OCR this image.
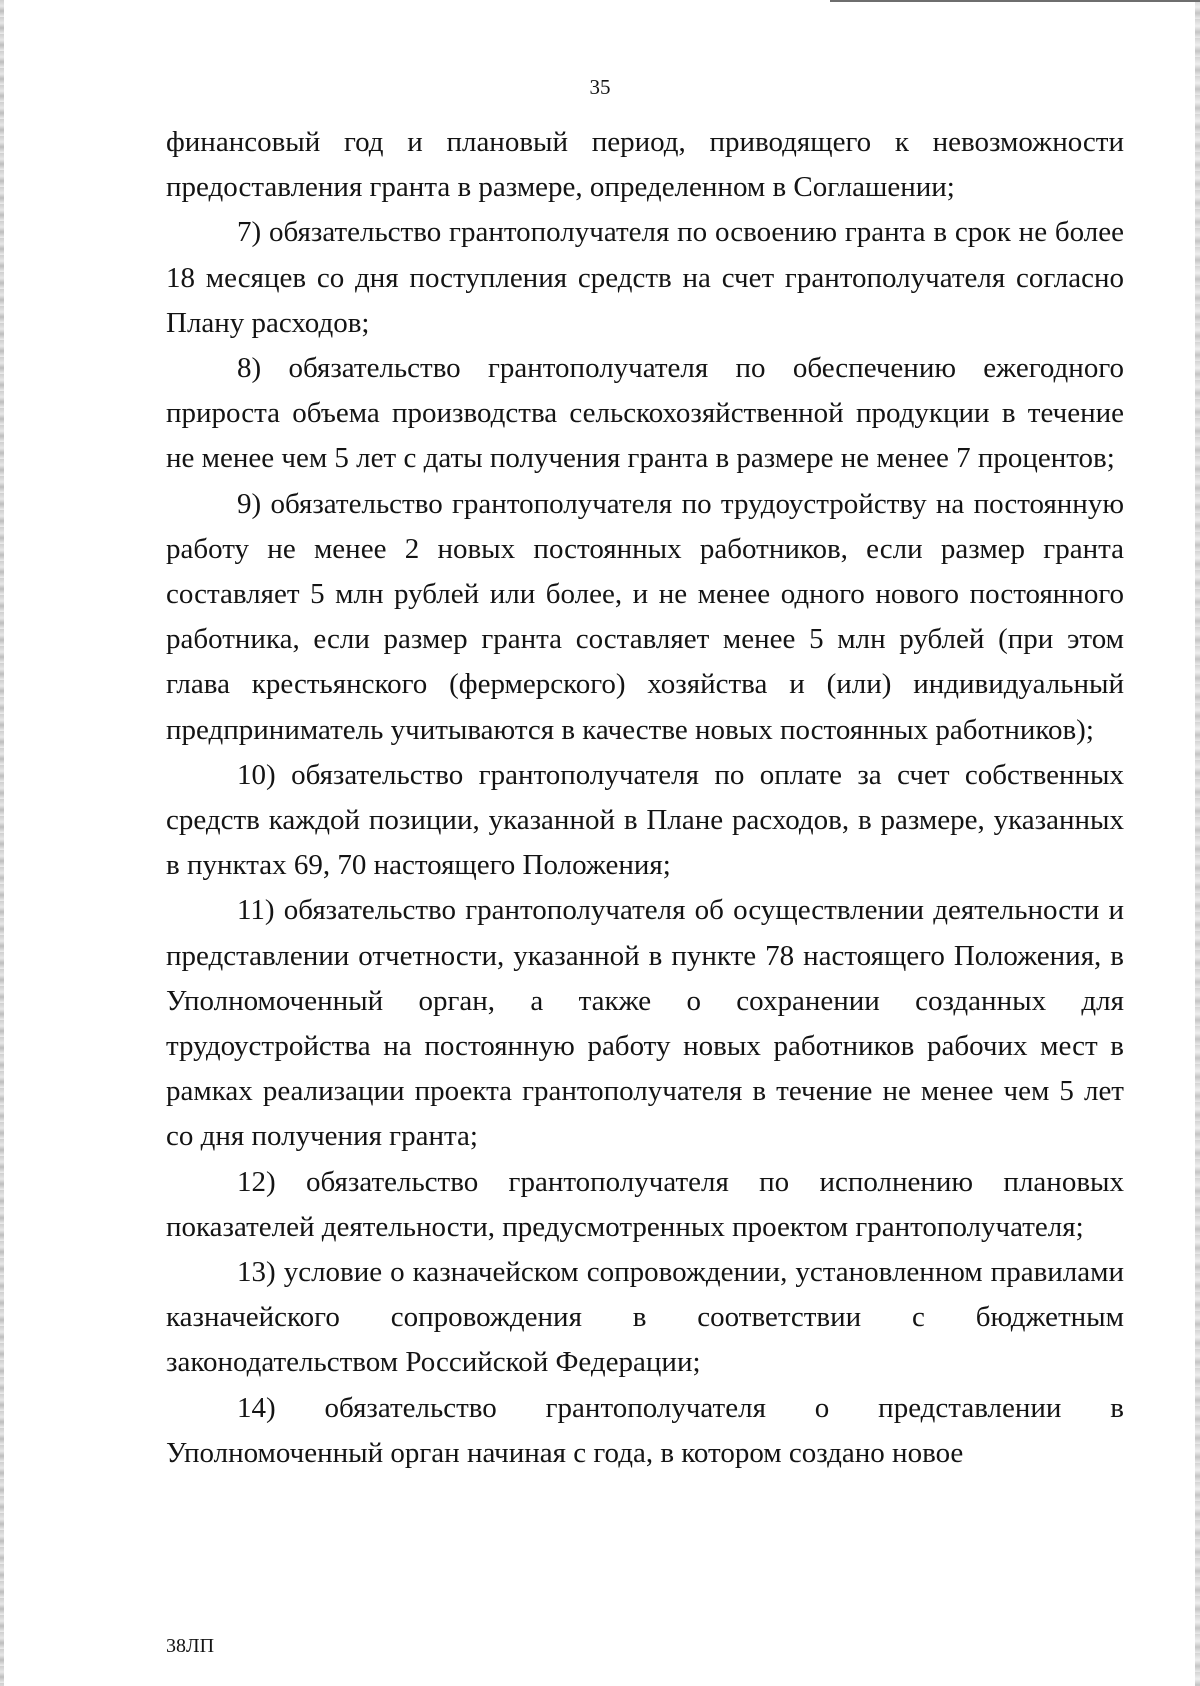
35

финансовый год и плановый период, приводящего к невозможности предоставления гранта в размере, определенном в Соглашении;

7) обязательство грантополучателя по освоению гранта в срок не более 18 месяцев со дня поступления средств на счет грантополучателя согласно Плану расходов;

8) обязательство грантополучателя по обеспечению ежегодного прироста объема производства сельскохозяйственной продукции в течение не менее чем 5 лет с даты получения гранта в размере не менее 7 процентов;

9) обязательство грантополучателя по трудоустройству на постоянную работу не менее 2 новых постоянных работников, если размер гранта составляет 5 млн рублей или более, и не менее одного нового постоянного работника, если размер гранта составляет менее 5 млн рублей (при этом глава крестьянского (фермерского) хозяйства и (или) индивидуальный предприниматель учитываются в качестве новых постоянных работников);

10) обязательство грантополучателя по оплате за счет собственных средств каждой позиции, указанной в Плане расходов, в размере, указанных в пунктах 69, 70 настоящего Положения;

11) обязательство грантополучателя об осуществлении деятельности и представлении отчетности, указанной в пункте 78 настоящего Положения, в Уполномоченный орган, а также о сохранении созданных для трудоустройства на постоянную работу новых работников рабочих мест в рамках реализации проекта грантополучателя в течение не менее чем 5 лет со дня получения гранта;

12) обязательство грантополучателя по исполнению плановых показателей деятельности, предусмотренных проектом грантополучателя;

13) условие о казначейском сопровождении, установленном правилами казначейского сопровождения в соответствии с бюджетным законодательством Российской Федерации;

14) обязательство грантополучателя о представлении в Уполномоченный орган начиная с года, в котором создано новое

38ЛП
